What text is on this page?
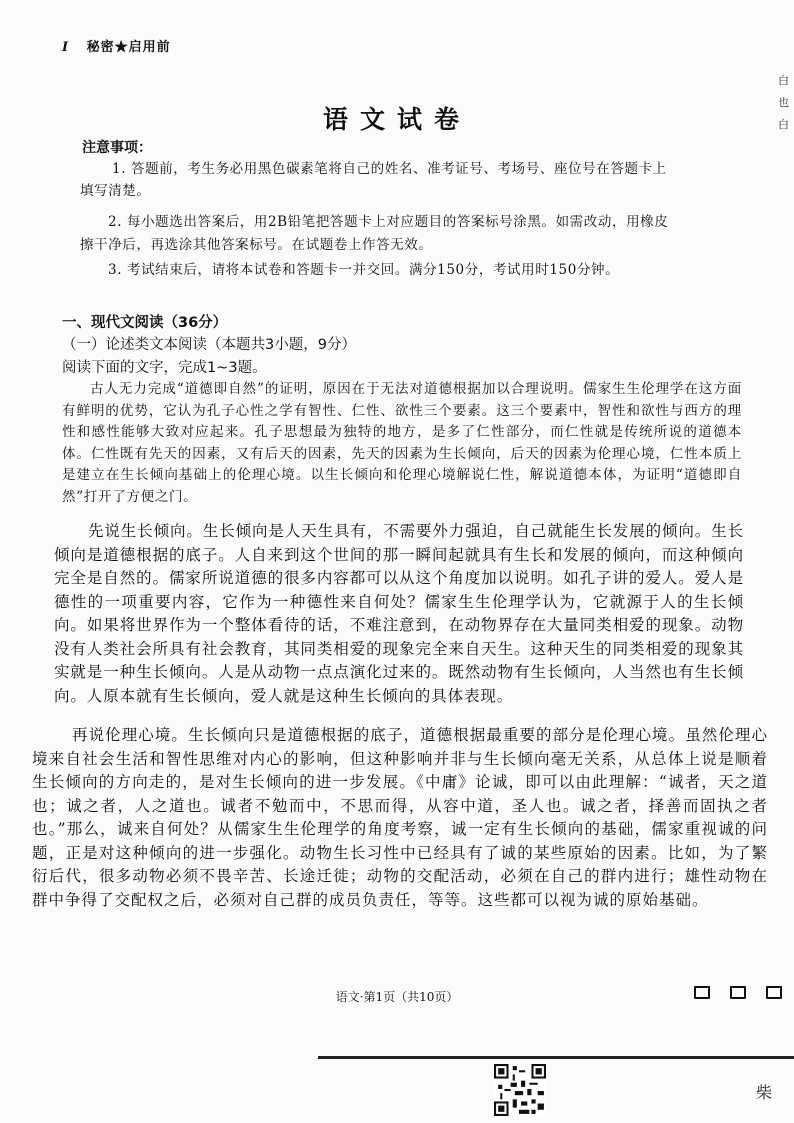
I 秘密★启用前
白也白
语文试卷
注意事项：
1. 答题前，考生务必用黑色碳素笔将自己的姓名、准考证号、考场号、座位号在答题卡上
填写清楚。
2. 每小题选出答案后，用2B铅笔把答题卡上对应题目的答案标号涂黑。如需改动，用橡皮
擦干净后，再选涂其他答案标号。在试题卷上作答无效。
3. 考试结束后，请将本试卷和答题卡一并交回。满分150分，考试用时150分钟。
一、现代文阅读（36分）
（一）论述类文本阅读（本题共3小题，9分）
阅读下面的文字，完成1~3题。
古人无力完成“道德即自然”的证明，原因在于无法对道德根据加以合理说明。儒家生生伦理学在这方面有鲜明的优势，它认为孔子心性之学有智性、仁性、欲性三个要素。这三个要素中，智性和欲性与西方的理性和感性能够大致对应起来。孔子思想最为独特的地方，是多了仁性部分，而仁性就是传统所说的道德本体。仁性既有先天的因素，又有后天的因素，先天的因素为生长倾向，后天的因素为伦理心境，仁性本质上是建立在生长倾向基础上的伦理心境。以生长倾向和伦理心境解说仁性，解说道德本体，为证明“道德即自然”打开了方便之门。
先说生长倾向。生长倾向是人天生具有，不需要外力强迫，自己就能生长发展的倾向。生长倾向是道德根据的底子。人自来到这个世间的那一瞬间起就具有生长和发展的倾向，而这种倾向完全是自然的。儒家所说道德的很多内容都可以从这个角度加以说明。如孔子讲的爱人。爱人是德性的一项重要内容，它作为一种德性来自何处？儒家生生伦理学认为，它就源于人的生长倾向。如果将世界作为一个整体看待的话，不难注意到，在动物界存在大量同类相爱的现象。动物没有人类社会所具有社会教育，其同类相爱的现象完全来自天生。这种天生的同类相爱的现象其实就是一种生长倾向。人是从动物一点点演化过来的。既然动物有生长倾向，人当然也有生长倾向。人原本就有生长倾向，爱人就是这种生长倾向的具体表现。
再说伦理心境。生长倾向只是道德根据的底子，道德根据最重要的部分是伦理心境。虽然伦理心境来自社会生活和智性思维对内心的影响，但这种影响并非与生长倾向毫无关系，从总体上说是顺着生长倾向的方向走的，是对生长倾向的进一步发展。《中庸》论诚，即可以由此理解：“诚者，天之道也；诚之者，人之道也。诚者不勉而中，不思而得，从容中道，圣人也。诚之者，择善而固执之者也。”那么，诚来自何处？从儒家生生伦理学的角度考察，诚一定有生长倾向的基础，儒家重视诚的问题，正是对这种倾向的进一步强化。动物生长习性中已经具有了诚的某些原始的因素。比如，为了繁衍后代，很多动物必须不畏辛苦、长途迁徙；动物的交配活动，必须在自己的群内进行；雄性动物在群中争得了交配权之后，必须对自己群的成员负责任，等等。这些都可以视为诚的原始基础。
语文·第1页（共10页）
柴
